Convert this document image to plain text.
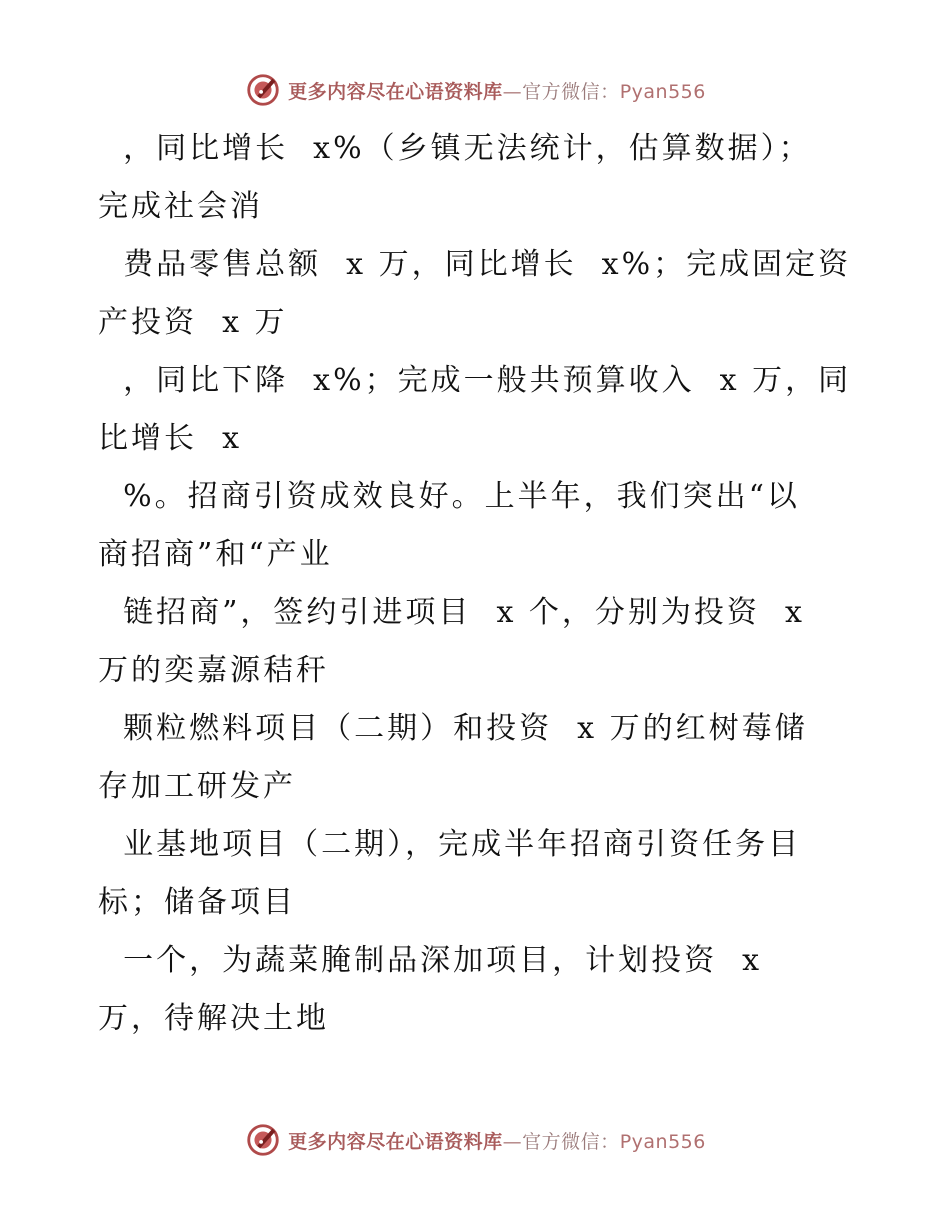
更多内容尽在心语资料库—官方微信：Pyan556
，同比增长  x%（乡镇无法统计，估算数据）；
完成社会消
费品零售总额  x 万，同比增长  x%；完成固定资
产投资  x 万
，同比下降  x%；完成一般共预算收入  x 万，同
比增长  x
%。招商引资成效良好。上半年，我们突出“以
商招商”和“产业
链招商”，签约引进项目  x 个，分别为投资  x
万的奕嘉源秸秆
颗粒燃料项目（二期）和投资  x 万的红树莓储
存加工研发产
业基地项目（二期），完成半年招商引资任务目
标；储备项目
一个，为蔬菜腌制品深加项目，计划投资  x
万，待解决土地
更多内容尽在心语资料库—官方微信：Pyan556
